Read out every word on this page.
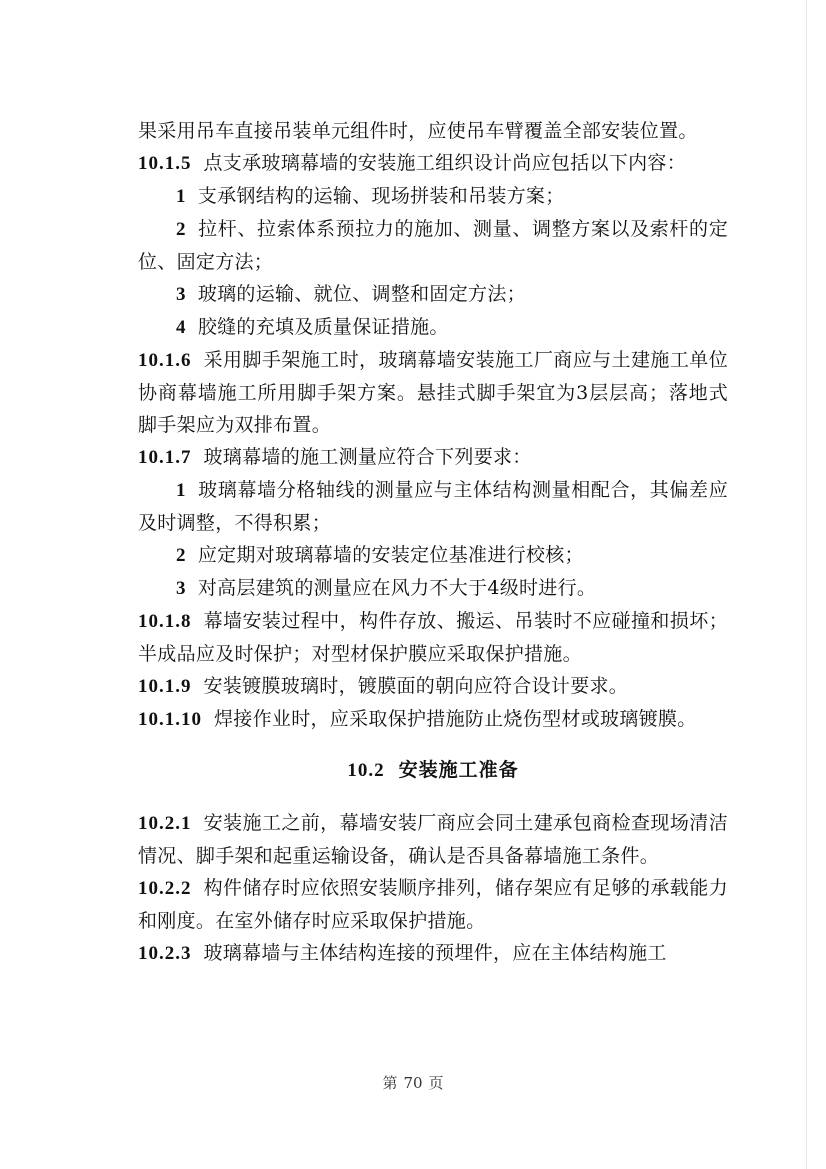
果采用吊车直接吊装单元组件时，应使吊车臂覆盖全部安装位置。

10.1.5 点支承玻璃幕墙的安装施工组织设计尚应包括以下内容：

1 支承钢结构的运输、现场拼装和吊装方案；

2 拉杆、拉索体系预拉力的施加、测量、调整方案以及索杆的定位、固定方法；

3 玻璃的运输、就位、调整和固定方法；

4 胶缝的充填及质量保证措施。

10.1.6 采用脚手架施工时，玻璃幕墙安装施工厂商应与土建施工单位协商幕墙施工所用脚手架方案。悬挂式脚手架宜为3层层高；落地式脚手架应为双排布置。

10.1.7 玻璃幕墙的施工测量应符合下列要求：

1 玻璃幕墙分格轴线的测量应与主体结构测量相配合，其偏差应及时调整，不得积累；

2 应定期对玻璃幕墙的安装定位基准进行校核；

3 对高层建筑的测量应在风力不大于4级时进行。

10.1.8 幕墙安装过程中，构件存放、搬运、吊装时不应碰撞和损坏；半成品应及时保护；对型材保护膜应采取保护措施。

10.1.9 安装镀膜玻璃时，镀膜面的朝向应符合设计要求。

10.1.10 焊接作业时，应采取保护措施防止烧伤型材或玻璃镀膜。

10.2 安装施工准备

10.2.1 安装施工之前，幕墙安装厂商应会同土建承包商检查现场清洁情况、脚手架和起重运输设备，确认是否具备幕墙施工条件。

10.2.2 构件储存时应依照安装顺序排列，储存架应有足够的承载能力和刚度。在室外储存时应采取保护措施。

10.2.3 玻璃幕墙与主体结构连接的预埋件，应在主体结构施工

第 70 页
